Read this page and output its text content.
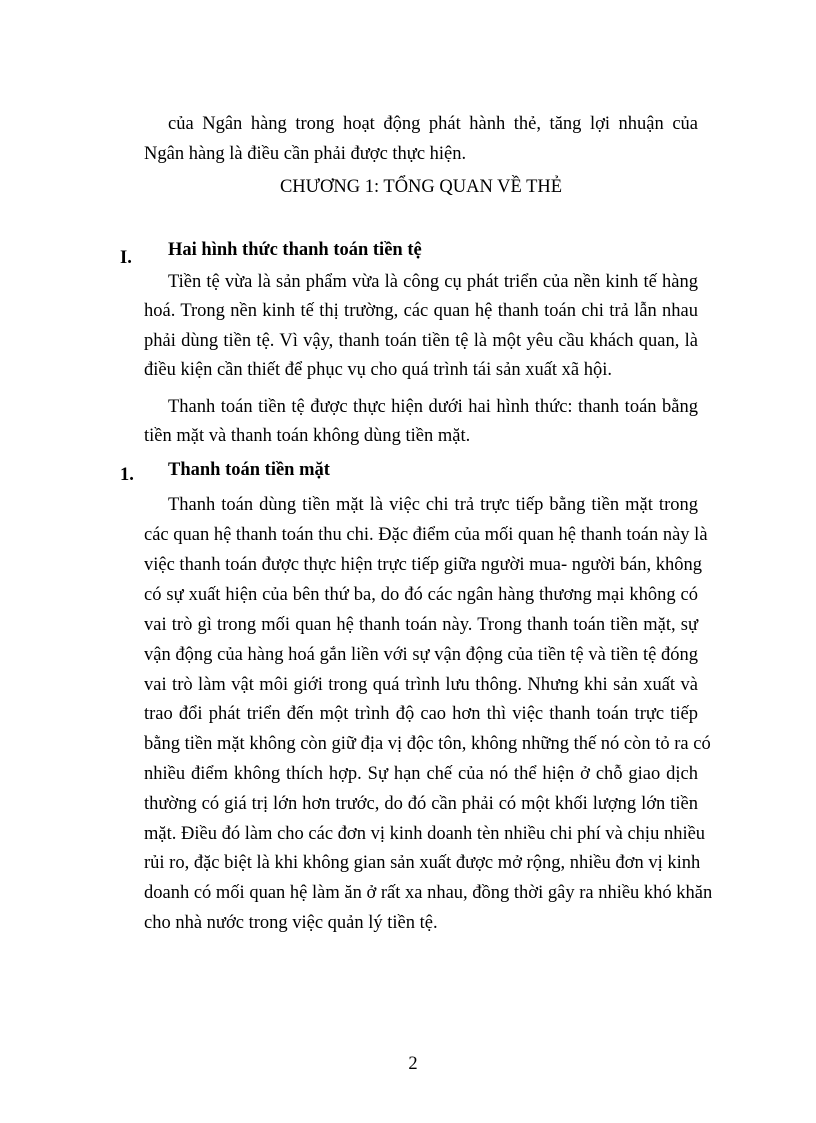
của Ngân hàng trong hoạt động phát hành thẻ, tăng lợi nhuận của
Ngân hàng là điều cần phải được thực hiện.
CHƯƠNG 1: TỔNG QUAN VỀ THẺ
I. Hai hình thức thanh toán tiền tệ
Tiền tệ vừa là sản phẩm vừa là công cụ phát triển của nền kinh tế hàng
hoá. Trong nền kinh tế thị trường, các quan hệ thanh toán chi trả lẫn nhau
phải dùng tiền tệ. Vì vậy, thanh toán tiền tệ là một yêu cầu khách quan, là
điều kiện cần thiết để phục vụ cho quá trình tái sản xuất xã hội.
Thanh toán tiền tệ được thực hiện dưới hai hình thức: thanh toán bằng
tiền mặt và thanh toán không dùng tiền mặt.
1. Thanh toán tiền mặt
Thanh toán dùng tiền mặt là việc chi trả trực tiếp bằng tiền mặt trong
các quan hệ thanh toán thu chi. Đặc điểm của mối quan hệ thanh toán này là
việc thanh toán được thực hiện trực tiếp giữa người mua- người bán, không
có sự xuất hiện của bên thứ ba, do đó các ngân hàng thương mại không có
vai trò gì trong mối quan hệ thanh toán này. Trong thanh toán tiền mặt, sự
vận động của hàng hoá gắn liền với sự vận động của tiền tệ và tiền tệ đóng
vai trò làm vật môi giới trong quá trình lưu thông. Nhưng khi sản xuất và
trao đổi phát triển đến một trình độ cao hơn thì việc thanh toán trực tiếp
bằng tiền mặt không còn giữ địa vị độc tôn, không những thế nó còn tỏ ra có
nhiều điểm không thích hợp. Sự hạn chế của nó thể hiện ở chỗ giao dịch
thường có giá trị lớn hơn trước, do đó cần phải có một khối lượng lớn tiền
mặt. Điều đó làm cho các đơn vị kinh doanh tèn nhiều chi phí và chịu nhiều
rủi ro, đặc biệt là khi không gian sản xuất được mở rộng, nhiều đơn vị kinh
doanh có mối quan hệ làm ăn ở rất xa nhau, đồng thời gây ra nhiều khó khăn
cho nhà nước trong việc quản lý tiền tệ.
2
